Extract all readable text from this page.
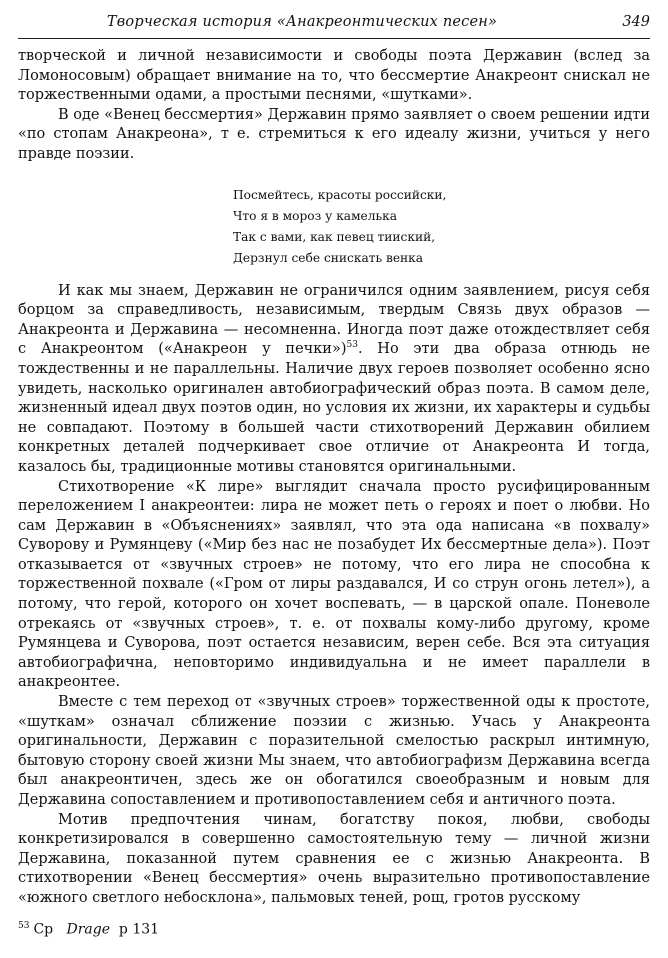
Творческая история «Анакреонтических песен»	349

творческой и личной независимости и свободы поэта Державин (вслед за Ломоносовым) обращает внимание на то, что бессмертие Анакреонт снискал не торжественными одами, а простыми песнями, «шутками».

В оде «Венец бессмертия» Державин прямо заявляет о своем решении идти «по стопам Анакреона», т е. стремиться к его идеалу жизни, учиться у него правде поэзии.

Посмейтесь, красоты российски,
Что я в мороз у камелька
Так с вами, как певец тииский,
Дерзнул себе снискать венка

И как мы знаем, Державин не ограничился одним заявлением, рисуя себя борцом за справедливость, независимым, твердым Связь двух образов — Анакреонта и Державина — несомненна. Иногда поэт даже отождествляет себя с Анакреонтом («Анакреон у печки»)$^{53}$. Но эти два образа отнюдь не тождественны и не параллельны. Наличие двух героев позволяет особенно ясно увидеть, насколько оригинален автобиографический образ поэта. В самом деле, жизненный идеал двух поэтов один, но условия их жизни, их характеры и судьбы не совпадают. Поэтому в большей части стихотворений Державин обилием конкретных деталей подчеркивает свое отличие от Анакреонта И тогда, казалось бы, традиционные мотивы становятся оригинальными.

Стихотворение «К лире» выглядит сначала просто русифицированным переложением I анакреонтеи: лира не может петь о героях и поет о любви. Но сам Державин в «Объяснениях» заявлял, что эта ода написана «в похвалу» Суворову и Румянцеву («Мир без нас не позабудет Их бессмертные дела»). Поэт отказывается от «звучных строев» не потому, что его лира не способна к торжественной похвале («Гром от лиры раздавался, И со струн огонь летел»), а потому, что герой, которого он хочет воспевать, — в царской опале. Поневоле отрекаясь от «звучных строев», т. е. от похвалы кому-либо другому, кроме Румянцева и Суворова, поэт остается независим, верен себе. Вся эта ситуация автобиографична, неповторимо индивидуальна и не имеет параллели в анакреонтее.

Вместе с тем переход от «звучных строев» торжественной оды к простоте, «шуткам» означал сближение поэзии с жизнью. Учась у Анакреонта оригинальности, Державин с поразительной смелостью раскрыл интимную, бытовую сторону своей жизни Мы знаем, что автобиографизм Державина всегда был анакреонтичен, здесь же он обогатился своеобразным и новым для Державина сопоставлением и противопоставлением себя и античного поэта.

Мотив предпочтения чинам, богатству покоя, любви, свободы конкретизировался в совершенно самостоятельную тему — личной жизни Державина, показанной путем сравнения ее с жизнью Анакреонта. В стихотворении «Венец бессмертия» очень выразительно противопоставление «южного светлого небосклона», пальмовых теней, рощ, гротов русскому

$^{53}$ Ср Drage р 131
